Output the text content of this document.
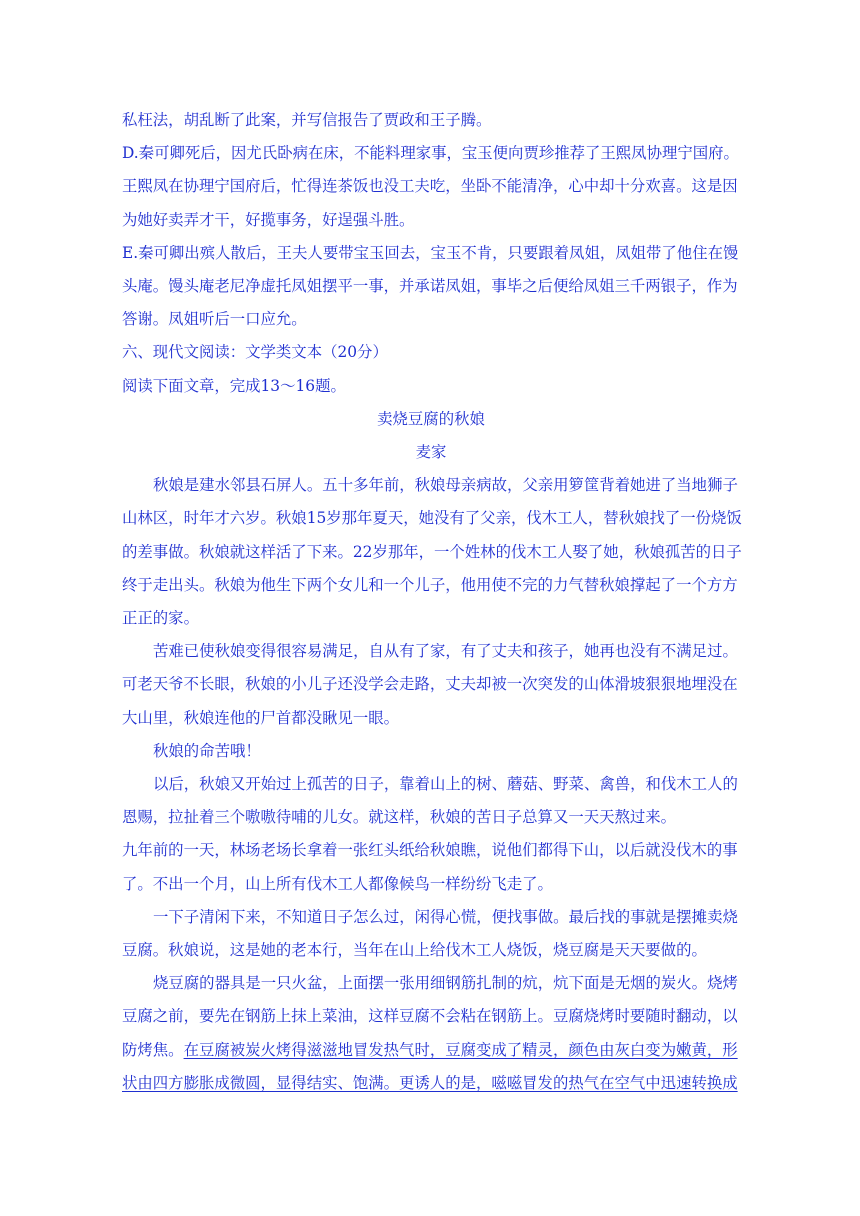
私枉法，胡乱断了此案，并写信报告了贾政和王子腾。
D.秦可卿死后，因尤氏卧病在床，不能料理家事，宝玉便向贾珍推荐了王熙凤协理宁国府。
王熙凤在协理宁国府后，忙得连茶饭也没工夫吃，坐卧不能清净，心中却十分欢喜。这是因
为她好卖弄才干，好揽事务，好逞强斗胜。
E.秦可卿出殡人散后，王夫人要带宝玉回去，宝玉不肯，只要跟着凤姐，凤姐带了他住在馒
头庵。馒头庵老尼净虚托凤姐摆平一事，并承诺凤姐，事毕之后便给凤姐三千两银子，作为
答谢。凤姐听后一口应允。
六、现代文阅读：文学类文本（20分）
阅读下面文章，完成13～16题。
卖烧豆腐的秋娘
麦家
秋娘是建水邻县石屏人。五十多年前，秋娘母亲病故，父亲用箩筐背着她进了当地狮子
山林区，时年才六岁。秋娘15岁那年夏天，她没有了父亲，伐木工人，替秋娘找了一份烧饭
的差事做。秋娘就这样活了下来。22岁那年，一个姓林的伐木工人娶了她，秋娘孤苦的日子
终于走出头。秋娘为他生下两个女儿和一个儿子，他用使不完的力气替秋娘撑起了一个方方
正正的家。
苦难已使秋娘变得很容易满足，自从有了家，有了丈夫和孩子，她再也没有不满足过。
可老天爷不长眼，秋娘的小儿子还没学会走路，丈夫却被一次突发的山体滑坡狠狠地埋没在
大山里，秋娘连他的尸首都没瞅见一眼。
秋娘的命苦哦！
以后，秋娘又开始过上孤苦的日子，靠着山上的树、蘑菇、野菜、禽兽，和伐木工人的
恩赐，拉扯着三个嗷嗷待哺的儿女。就这样，秋娘的苦日子总算又一天天熬过来。
九年前的一天，林场老场长拿着一张红头纸给秋娘瞧，说他们都得下山，以后就没伐木的事
了。不出一个月，山上所有伐木工人都像候鸟一样纷纷飞走了。
一下子清闲下来，不知道日子怎么过，闲得心慌，便找事做。最后找的事就是摆摊卖烧
豆腐。秋娘说，这是她的老本行，当年在山上给伐木工人烧饭，烧豆腐是天天要做的。
烧豆腐的器具是一只火盆，上面摆一张用细钢筋扎制的炕，炕下面是无烟的炭火。烧烤
豆腐之前，要先在钢筋上抹上菜油，这样豆腐不会粘在钢筋上。豆腐烧烤时要随时翻动，以
防烤焦。在豆腐被炭火烤得滋滋地冒发热气时，豆腐变成了精灵，颜色由灰白变为嫩黄，形
状由四方膨胀成微圆，显得结实、饱满。更诱人的是，嗞嗞冒发的热气在空气中迅速转换成
